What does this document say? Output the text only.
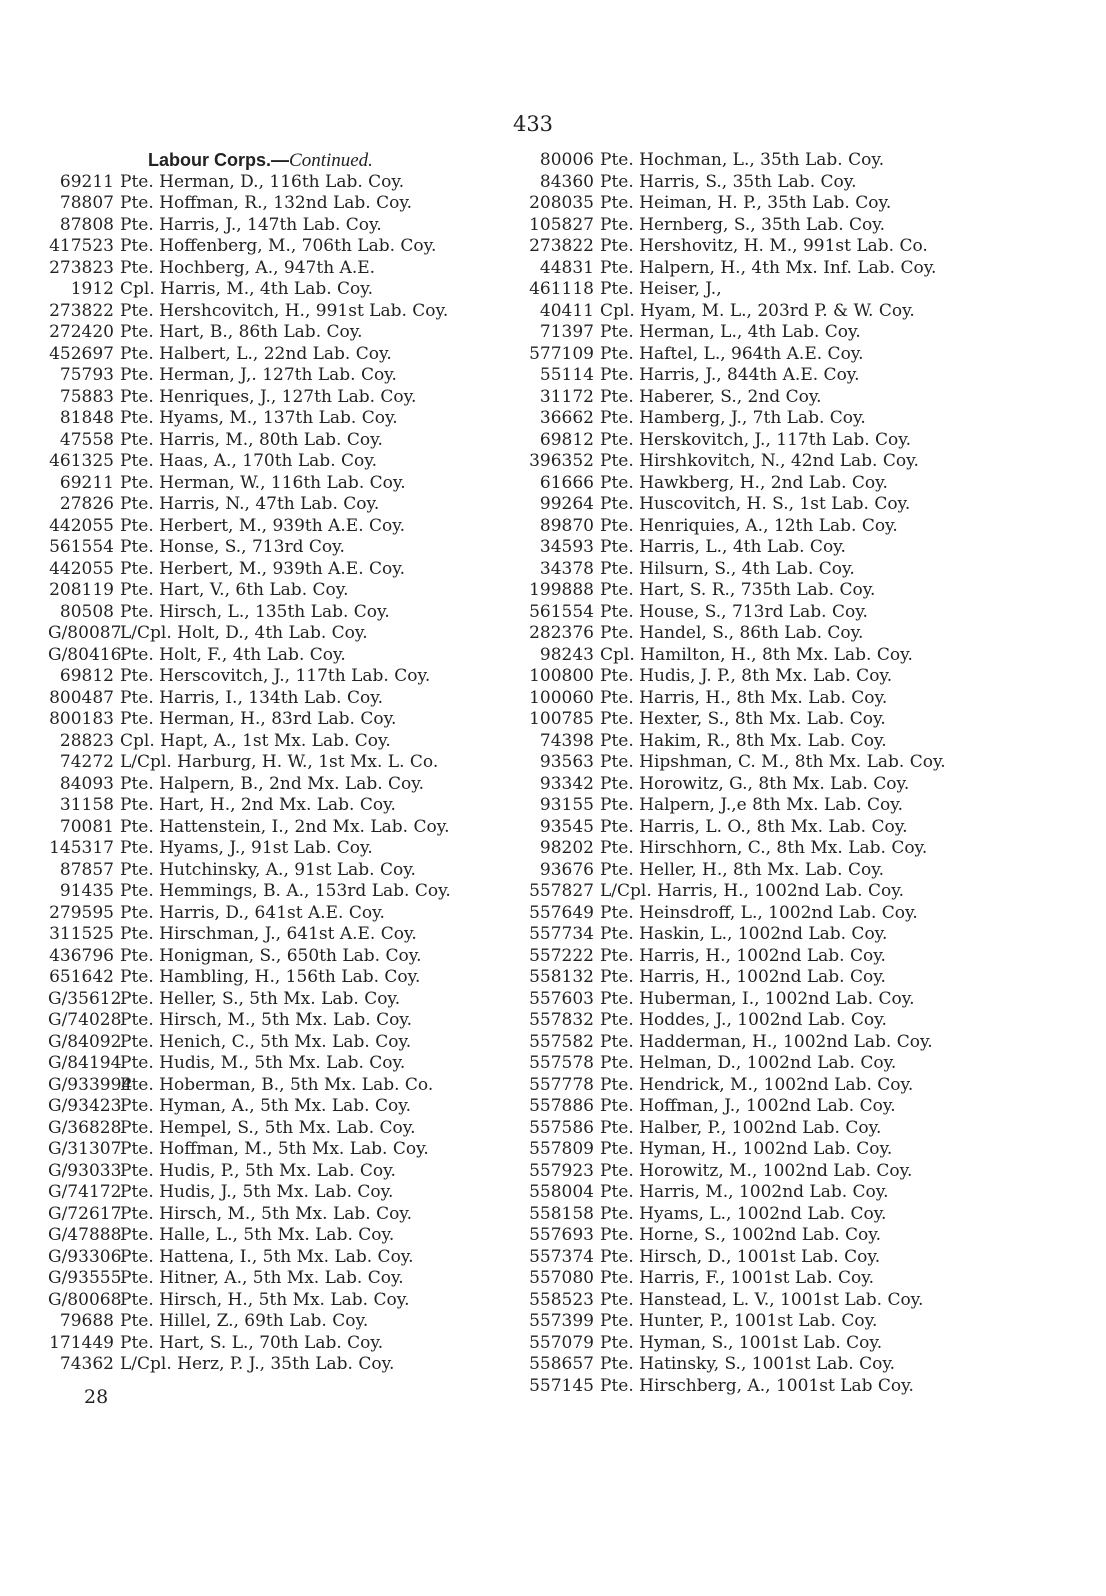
433
Labour Corps.—Continued.
69211 Pte. Herman, D., 116th Lab. Coy.
78807 Pte. Hoffman, R., 132nd Lab. Coy.
87808 Pte. Harris, J., 147th Lab. Coy.
417523 Pte. Hoffenberg, M., 706th Lab. Coy.
273823 Pte. Hochberg, A., 947th A.E.
1912 Cpl. Harris, M., 4th Lab. Coy.
273822 Pte. Hershcovitch, H., 991st Lab. Coy.
272420 Pte. Hart, B., 86th Lab. Coy.
452697 Pte. Halbert, L., 22nd Lab. Coy.
75793 Pte. Herman, J,. 127th Lab. Coy.
75883 Pte. Henriques, J., 127th Lab. Coy.
81848 Pte. Hyams, M., 137th Lab. Coy.
47558 Pte. Harris, M., 80th Lab. Coy.
461325 Pte. Haas, A., 170th Lab. Coy.
69211 Pte. Herman, W., 116th Lab. Coy.
27826 Pte. Harris, N., 47th Lab. Coy.
442055 Pte. Herbert, M., 939th A.E. Coy.
561554 Pte. Honse, S., 713rd Coy.
442055 Pte. Herbert, M., 939th A.E. Coy.
208119 Pte. Hart, V., 6th Lab. Coy.
80508 Pte. Hirsch, L., 135th Lab. Coy.
G/80087
L/Cpl. Holt, D., 4th Lab. Coy.
G/80416
Pte. Holt, F., 4th Lab. Coy.
69812 Pte. Herscovitch, J., 117th Lab. Coy.
800487 Pte. Harris, I., 134th Lab. Coy.
800183 Pte. Herman, H., 83rd Lab. Coy.
28823 Cpl. Hapt, A., 1st Mx. Lab. Coy.
74272 L/Cpl. Harburg, H. W., 1st Mx. L. Co.
84093 Pte. Halpern, B., 2nd Mx. Lab. Coy.
31158 Pte. Hart, H., 2nd Mx. Lab. Coy.
70081 Pte. Hattenstein, I., 2nd Mx. Lab. Coy.
145317 Pte. Hyams, J., 91st Lab. Coy.
87857 Pte. Hutchinsky, A., 91st Lab. Coy.
91435 Pte. Hemmings, B. A., 153rd Lab. Coy.
279595 Pte. Harris, D., 641st A.E. Coy.
311525 Pte. Hirschman, J., 641st A.E. Coy.
436796 Pte. Honigman, S., 650th Lab. Coy.
651642 Pte. Hambling, H., 156th Lab. Coy.
G/35612
Pte. Heller, S., 5th Mx. Lab. Coy.
G/74028
Pte. Hirsch, M., 5th Mx. Lab. Coy.
G/84092
Pte. Henich, C., 5th Mx. Lab. Coy.
G/84194
Pte. Hudis, M., 5th Mx. Lab. Coy.
G/933994
Pte. Hoberman, B., 5th Mx. Lab. Co.
G/93423
Pte. Hyman, A., 5th Mx. Lab. Coy.
G/36828
Pte. Hempel, S., 5th Mx. Lab. Coy.
G/31307
Pte. Hoffman, M., 5th Mx. Lab. Coy.
G/93033
Pte. Hudis, P., 5th Mx. Lab. Coy.
G/74172
Pte. Hudis, J., 5th Mx. Lab. Coy.
G/72617
Pte. Hirsch, M., 5th Mx. Lab. Coy.
G/47888
Pte. Halle, L., 5th Mx. Lab. Coy.
G/93306
Pte. Hattena, I., 5th Mx. Lab. Coy.
G/93555
Pte. Hitner, A., 5th Mx. Lab. Coy.
G/80068
Pte. Hirsch, H., 5th Mx. Lab. Coy.
79688 Pte. Hillel, Z., 69th Lab. Coy.
171449 Pte. Hart, S. L., 70th Lab. Coy.
74362 L/Cpl. Herz, P. J., 35th Lab. Coy.
80006 Pte. Hochman, L., 35th Lab. Coy.
84360 Pte. Harris, S., 35th Lab. Coy.
208035 Pte. Heiman, H. P., 35th Lab. Coy.
105827 Pte. Hernberg, S., 35th Lab. Coy.
273822 Pte. Hershovitz, H. M., 991st Lab. Co.
44831 Pte. Halpern, H., 4th Mx. Inf. Lab. Coy.
461118 Pte. Heiser, J.,
40411 Cpl. Hyam, M. L., 203rd P. & W. Coy.
71397 Pte. Herman, L., 4th Lab. Coy.
577109 Pte. Haftel, L., 964th A.E. Coy.
55114 Pte. Harris, J., 844th A.E. Coy.
31172 Pte. Haberer, S., 2nd Coy.
36662 Pte. Hamberg, J., 7th Lab. Coy.
69812 Pte. Herskovitch, J., 117th Lab. Coy.
396352 Pte. Hirshkovitch, N., 42nd Lab. Coy.
61666 Pte. Hawkberg, H., 2nd Lab. Coy.
99264 Pte. Huscovitch, H. S., 1st Lab. Coy.
89870 Pte. Henriquies, A., 12th Lab. Coy.
34593 Pte. Harris, L., 4th Lab. Coy.
34378 Pte. Hilsurn, S., 4th Lab. Coy.
199888 Pte. Hart, S. R., 735th Lab. Coy.
561554 Pte. House, S., 713rd Lab. Coy.
282376 Pte. Handel, S., 86th Lab. Coy.
98243 Cpl. Hamilton, H., 8th Mx. Lab. Coy.
100800 Pte. Hudis, J. P., 8th Mx. Lab. Coy.
100060 Pte. Harris, H., 8th Mx. Lab. Coy.
100785 Pte. Hexter, S., 8th Mx. Lab. Coy.
74398 Pte. Hakim, R., 8th Mx. Lab. Coy.
93563 Pte. Hipshman, C. M., 8th Mx. Lab. Coy.
93342 Pte. Horowitz, G., 8th Mx. Lab. Coy.
93155 Pte. Halpern, J.,e 8th Mx. Lab. Coy.
93545 Pte. Harris, L. O., 8th Mx. Lab. Coy.
98202 Pte. Hirschhorn, C., 8th Mx. Lab. Coy.
93676 Pte. Heller, H., 8th Mx. Lab. Coy.
557827 L/Cpl. Harris, H., 1002nd Lab. Coy.
557649 Pte. Heinsdroff, L., 1002nd Lab. Coy.
557734 Pte. Haskin, L., 1002nd Lab. Coy.
557222 Pte. Harris, H., 1002nd Lab. Coy.
558132 Pte. Harris, H., 1002nd Lab. Coy.
557603 Pte. Huberman, I., 1002nd Lab. Coy.
557832 Pte. Hoddes, J., 1002nd Lab. Coy.
557582 Pte. Hadderman, H., 1002nd Lab. Coy.
557578 Pte. Helman, D., 1002nd Lab. Coy.
557778 Pte. Hendrick, M., 1002nd Lab. Coy.
557886 Pte. Hoffman, J., 1002nd Lab. Coy.
557586 Pte. Halber, P., 1002nd Lab. Coy.
557809 Pte. Hyman, H., 1002nd Lab. Coy.
557923 Pte. Horowitz, M., 1002nd Lab. Coy.
558004 Pte. Harris, M., 1002nd Lab. Coy.
558158 Pte. Hyams, L., 1002nd Lab. Coy.
557693 Pte. Horne, S., 1002nd Lab. Coy.
557374 Pte. Hirsch, D., 1001st Lab. Coy.
557080 Pte. Harris, F., 1001st Lab. Coy.
558523 Pte. Hanstead, L. V., 1001st Lab. Coy.
557399 Pte. Hunter, P., 1001st Lab. Coy.
557079 Pte. Hyman, S., 1001st Lab. Coy.
558657 Pte. Hatinsky, S., 1001st Lab. Coy.
557145 Pte. Hirschberg, A., 1001st Lab Coy.
28
